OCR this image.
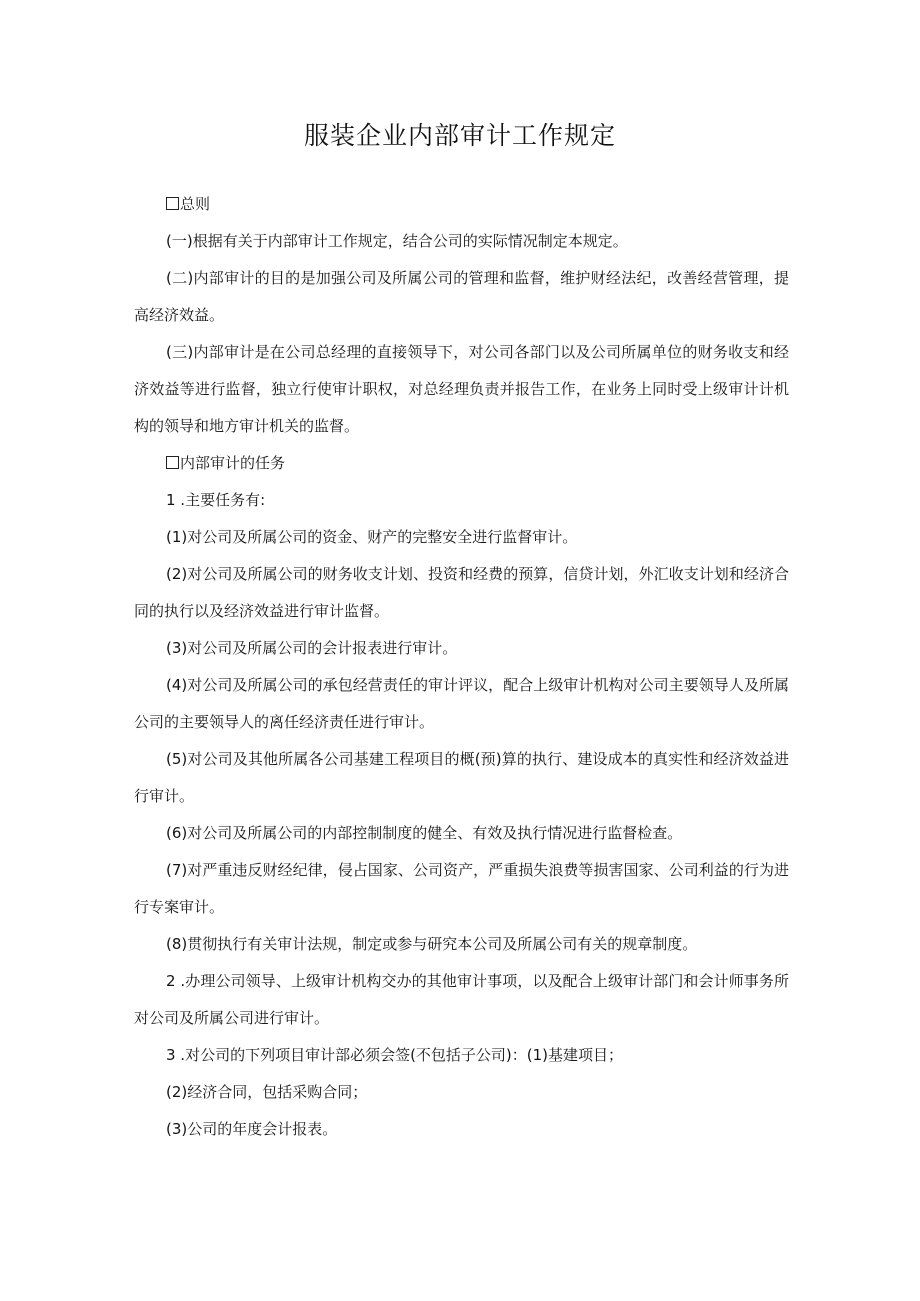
服装企业内部审计工作规定

总则

(一)根据有关于内部审计工作规定，结合公司的实际情况制定本规定。

(二)内部审计的目的是加强公司及所属公司的管理和监督，维护财经法纪，改善经营管理，提高经济效益。

(三)内部审计是在公司总经理的直接领导下，对公司各部门以及公司所属单位的财务收支和经济效益等进行监督，独立行使审计职权，对总经理负责并报告工作，在业务上同时受上级审计计机构的领导和地方审计机关的监督。

内部审计的任务

1 .主要任务有:

(1)对公司及所属公司的资金、财产的完整安全进行监督审计。

(2)对公司及所属公司的财务收支计划、投资和经费的预算，信贷计划，外汇收支计划和经济合同的执行以及经济效益进行审计监督。

(3)对公司及所属公司的会计报表进行审计。

(4)对公司及所属公司的承包经营责任的审计评议，配合上级审计机构对公司主要领导人及所属公司的主要领导人的离任经济责任进行审计。

(5)对公司及其他所属各公司基建工程项目的概(预)算的执行、建设成本的真实性和经济效益进行审计。

(6)对公司及所属公司的内部控制制度的健全、有效及执行情况进行监督检查。

(7)对严重违反财经纪律，侵占国家、公司资产，严重损失浪费等损害国家、公司利益的行为进行专案审计。

(8)贯彻执行有关审计法规，制定或参与研究本公司及所属公司有关的规章制度。

2 .办理公司领导、上级审计机构交办的其他审计事项，以及配合上级审计部门和会计师事务所对公司及所属公司进行审计。

3 .对公司的下列项目审计部必须会签(不包括子公司)：(1)基建项目；

(2)经济合同，包括采购合同；

(3)公司的年度会计报表。
